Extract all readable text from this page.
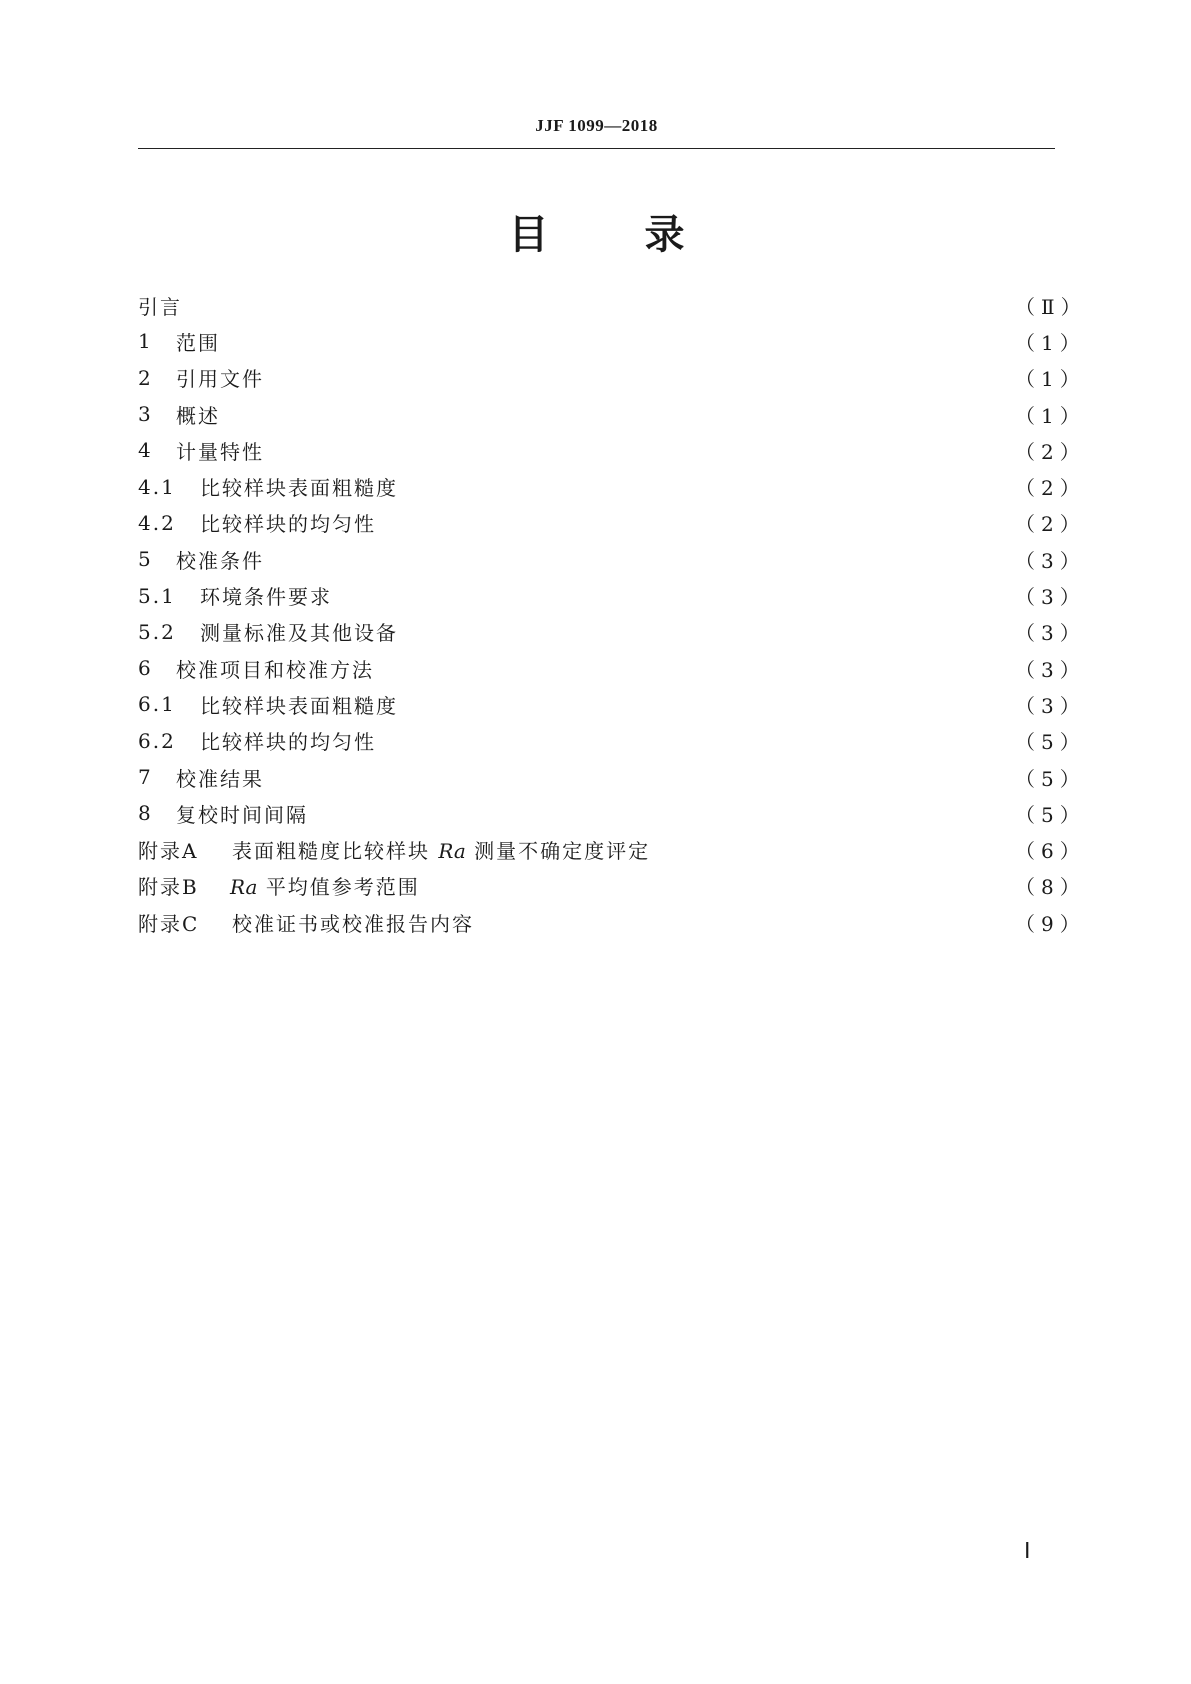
JJF 1099—2018
目 录
引言	（Ⅱ）
1	范围	（1）
2	引用文件	（1）
3	概述	（1）
4	计量特性	（2）
4.1	比较样块表面粗糙度	（2）
4.2	比较样块的均匀性	（2）
5	校准条件	（3）
5.1	环境条件要求	（3）
5.2	测量标准及其他设备	（3）
6	校准项目和校准方法	（3）
6.1	比较样块表面粗糙度	（3）
6.2	比较样块的均匀性	（5）
7	校准结果	（5）
8	复校时间间隔	（5）
附录A	表面粗糙度比较样块 Ra 测量不确定度评定	（6）
附录B	Ra 平均值参考范围	（8）
附录C	校准证书或校准报告内容	（9）
Ⅰ
